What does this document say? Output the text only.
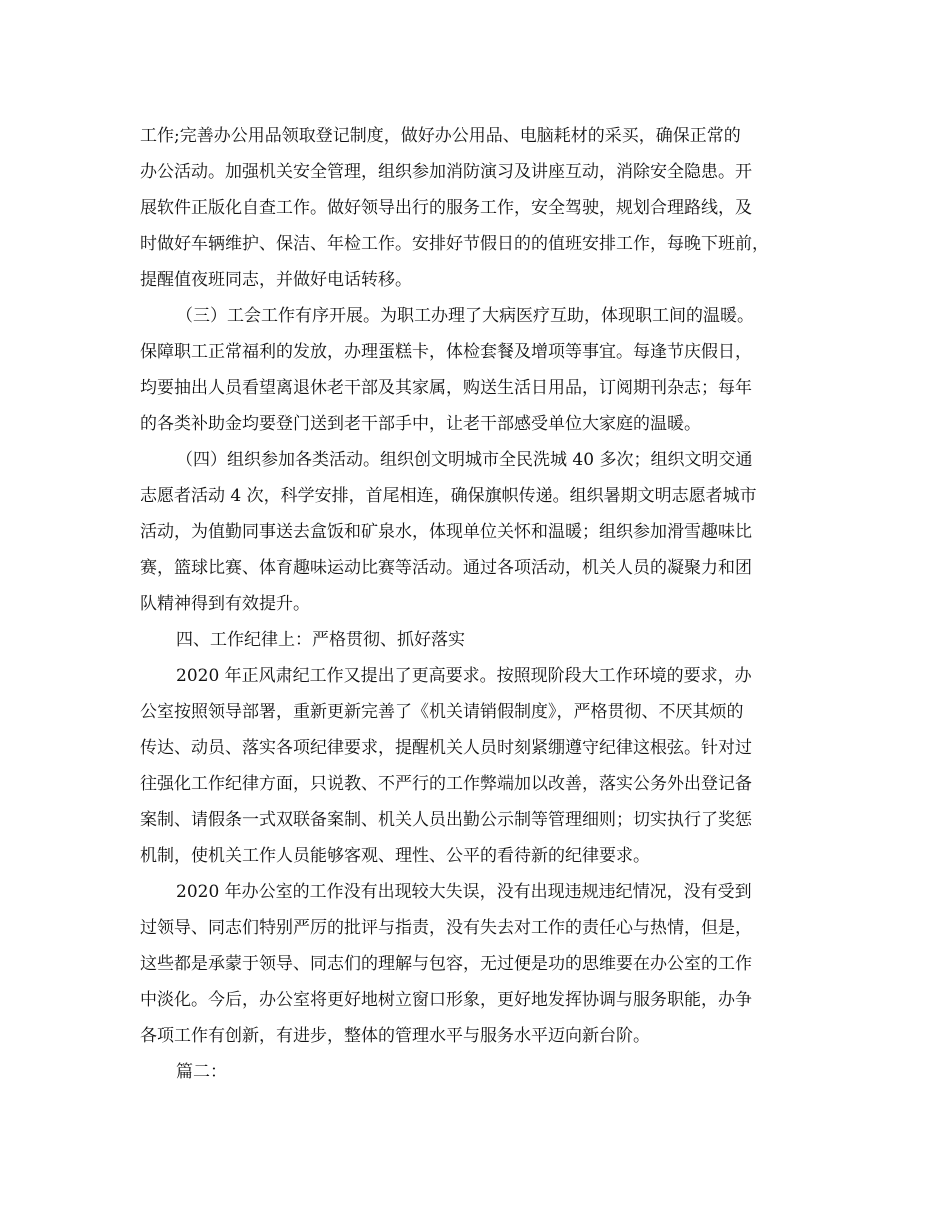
工作;完善办公用品领取登记制度，做好办公用品、电脑耗材的采买，确保正常的
办公活动。加强机关安全管理，组织参加消防演习及讲座互动，消除安全隐患。开
展软件正版化自查工作。做好领导出行的服务工作，安全驾驶，规划合理路线，及
时做好车辆维护、保洁、年检工作。安排好节假日的的值班安排工作，每晚下班前，
提醒值夜班同志，并做好电话转移。

（三）工会工作有序开展。为职工办理了大病医疗互助，体现职工间的温暖。
保障职工正常福利的发放，办理蛋糕卡，体检套餐及增项等事宜。每逢节庆假日，
均要抽出人员看望离退休老干部及其家属，购送生活日用品，订阅期刊杂志；每年
的各类补助金均要登门送到老干部手中，让老干部感受单位大家庭的温暖。

（四）组织参加各类活动。组织创文明城市全民洗城 40 多次；组织文明交通
志愿者活动 4 次，科学安排，首尾相连，确保旗帜传递。组织暑期文明志愿者城市
活动，为值勤同事送去盒饭和矿泉水，体现单位关怀和温暖；组织参加滑雪趣味比
赛，篮球比赛、体育趣味运动比赛等活动。通过各项活动，机关人员的凝聚力和团
队精神得到有效提升。

四、工作纪律上：严格贯彻、抓好落实

2020 年正风肃纪工作又提出了更高要求。按照现阶段大工作环境的要求，办
公室按照领导部署，重新更新完善了《机关请销假制度》，严格贯彻、不厌其烦的
传达、动员、落实各项纪律要求，提醒机关人员时刻紧绷遵守纪律这根弦。针对过
往强化工作纪律方面，只说教、不严行的工作弊端加以改善，落实公务外出登记备
案制、请假条一式双联备案制、机关人员出勤公示制等管理细则；切实执行了奖惩
机制，使机关工作人员能够客观、理性、公平的看待新的纪律要求。

2020 年办公室的工作没有出现较大失误，没有出现违规违纪情况，没有受到
过领导、同志们特别严厉的批评与指责，没有失去对工作的责任心与热情，但是，
这些都是承蒙于领导、同志们的理解与包容，无过便是功的思维要在办公室的工作
中淡化。今后，办公室将更好地树立窗口形象，更好地发挥协调与服务职能，办争
各项工作有创新，有进步，整体的管理水平与服务水平迈向新台阶。

篇二：
